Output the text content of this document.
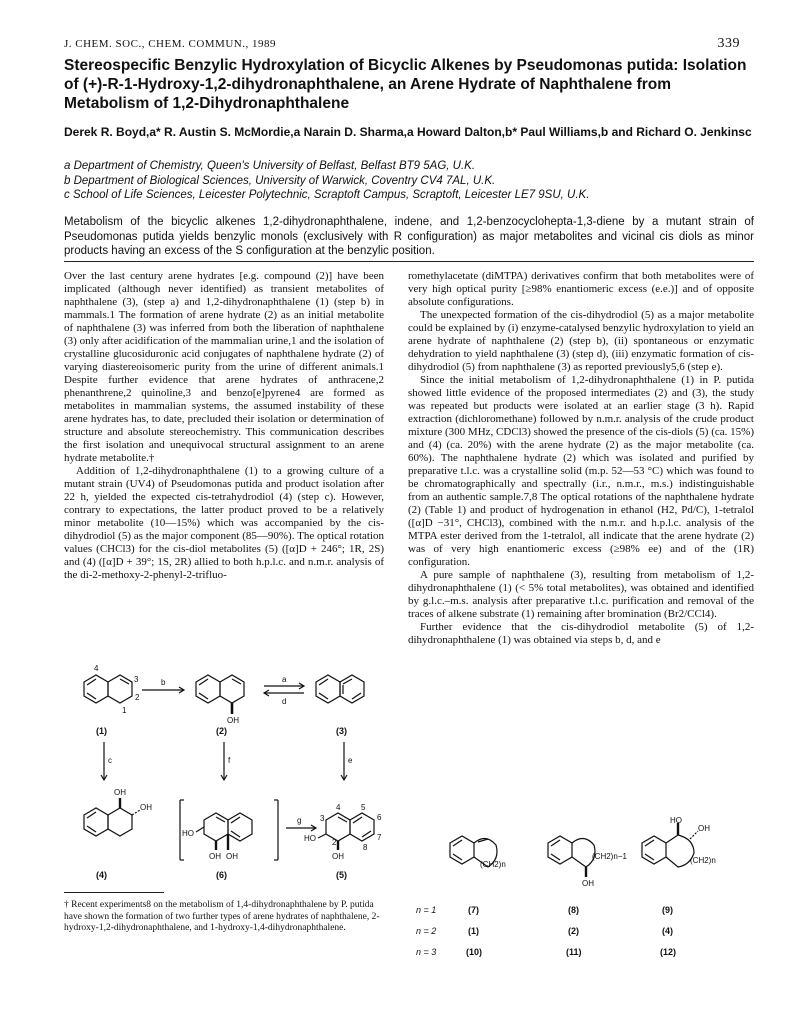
J. CHEM. SOC., CHEM. COMMUN., 1989	339
Stereospecific Benzylic Hydroxylation of Bicyclic Alkenes by Pseudomonas putida: Isolation of (+)-R-1-Hydroxy-1,2-dihydronaphthalene, an Arene Hydrate of Naphthalene from Metabolism of 1,2-Dihydronaphthalene
Derek R. Boyd,a* R. Austin S. McMordie,a Narain D. Sharma,a Howard Dalton,b* Paul Williams,b and Richard O. Jenkinsc
a Department of Chemistry, Queen's University of Belfast, Belfast BT9 5AG, U.K.
b Department of Biological Sciences, University of Warwick, Coventry CV4 7AL, U.K.
c School of Life Sciences, Leicester Polytechnic, Scraptoft Campus, Scraptoft, Leicester LE7 9SU, U.K.
Metabolism of the bicyclic alkenes 1,2-dihydronaphthalene, indene, and 1,2-benzocyclohepta-1,3-diene by a mutant strain of Pseudomonas putida yields benzylic monols (exclusively with R configuration) as major metabolites and vicinal cis diols as minor products having an excess of the S configuration at the benzylic position.

Over the last century arene hydrates [e.g. compound (2)] have been implicated (although never identified) as transient metabolites of naphthalene (3), (step a) and 1,2-dihydronaphthalene (1) (step b) in mammals.1 The formation of arene hydrate (2) as an initial metabolite of naphthalene (3) was inferred from both the liberation of naphthalene (3) only after acidification of the mammalian urine,1 and the isolation of crystalline glucosiduronic acid conjugates of naphthalene hydrate (2) of varying diastereoisomeric purity from the urine of different animals.1 Despite further evidence that arene hydrates of anthracene,2 phenanthrene,2 quinoline,3 and benzo[e]pyrene4 are formed as metabolites in mammalian systems, the assumed instability of these arene hydrates has, to date, precluded their isolation or determination of structure and absolute stereochemistry. This communication describes the first isolation and unequivocal structural assignment to an arene hydrate metabolite.†

Addition of 1,2-dihydronaphthalene (1) to a growing culture of a mutant strain (UV4) of Pseudomonas putida and product isolation after 22 h, yielded the expected cis-tetrahydrodiol (4) (step c). However, contrary to expectations, the latter product proved to be a relatively minor metabolite (10—15%) which was accompanied by the cis-dihydrodiol (5) as the major component (85—90%). The optical rotation values (CHCl3) for the cis-diol metabolites (5) ([α]D + 246°; 1R, 2S) and (4) ([α]D + 39°; 1S, 2R) allied to both h.p.l.c. and n.m.r. analysis of the di-2-methoxy-2-phenyl-2-trifluo-

romethylacetate (diMTPA) derivatives confirm that both metabolites were of very high optical purity [≥98% enantiomeric excess (e.e.)] and of opposite absolute configurations.

The unexpected formation of the cis-dihydrodiol (5) as a major metabolite could be explained by (i) enzyme-catalysed benzylic hydroxylation to yield an arene hydrate of naphthalene (2) (step b), (ii) spontaneous or enzymatic dehydration to yield naphthalene (3) (step d), (iii) enzymatic formation of cis-dihydrodiol (5) from naphthalene (3) as reported previously5,6 (step e).

Since the initial metabolism of 1,2-dihydronaphthalene (1) in P. putida showed little evidence of the proposed intermediates (2) and (3), the study was repeated but products were isolated at an earlier stage (3 h). Rapid extraction (dichloromethane) followed by n.m.r. analysis of the crude product mixture (300 MHz, CDCl3) showed the presence of the cis-diols (5) (ca. 15%) and (4) (ca. 20%) with the arene hydrate (2) as the major metabolite (ca. 60%). The naphthalene hydrate (2) which was isolated and purified by preparative t.l.c. was a crystalline solid (m.p. 52—53 °C) which was found to be chromatographically and spectrally (i.r., n.m.r., m.s.) indistinguishable from an authentic sample.7,8 The optical rotations of the naphthalene hydrate (2) (Table 1) and product of hydrogenation in ethanol (H2, Pd/C), 1-tetralol ([α]D −31°, CHCl3), combined with the n.m.r. and h.p.l.c. analysis of the MTPA ester derived from the 1-tetralol, all indicate that the arene hydrate (2) was of very high enantiomeric excess (≥98% ee) and of the (1R) configuration.

A pure sample of naphthalene (3), resulting from metabolism of 1,2-dihydronaphthalene (1) (< 5% total metabolites), was obtained and identified by g.l.c.–m.s. analysis after preparative t.l.c. purification and removal of the traces of alkene substrate (1) remaining after bromination (Br2/CCl4).

Further evidence that the cis-dihydrodiol metabolite (5) of 1,2-dihydronaphthalene (1) was obtained via steps b, d, and e

4
3
2
1
b	a
d
OH
c	f	e
OH
OH
HO
OH OH
g
HO
OH
4	5
6
7
8
3
2
(1)	(2)	(3)
(4)	(6)	(5)
(CH2)n
(CH2)n−1
OH
(CH2)n
HO
OH
n = 1
n = 2
n = 3
(7)	(8)	(9)
(1)	(2)	(4)
(10)	(11)	(12)
† Recent experiments8 on the metabolism of 1,4-dihydronaphthalene by P. putida have shown the formation of two further types of arene hydrates of naphthalene, 2-hydroxy-1,2-dihydronaphthalene, and 1-hydroxy-1,4-dihydronaphthalene.
